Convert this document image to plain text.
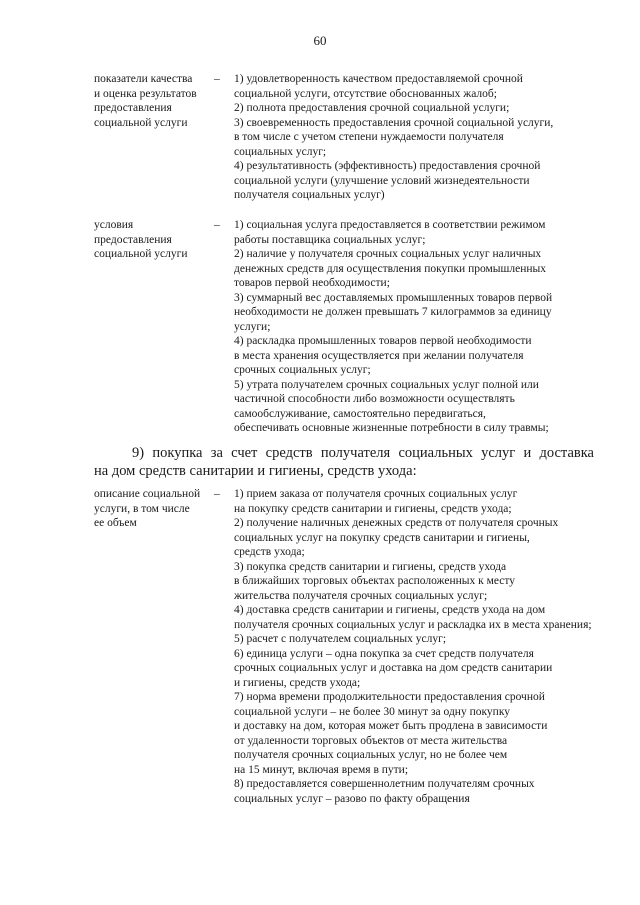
60
показатели качества
и оценка результатов
предоставления
социальной услуги
– 1) удовлетворенность качеством предоставляемой срочной
социальной услуги, отсутствие обоснованных жалоб;
2) полнота предоставления срочной социальной услуги;
3) своевременность предоставления срочной социальной услуги,
в том числе с учетом степени нуждаемости получателя
социальных услуг;
4) результативность (эффективность) предоставления срочной
социальной услуги (улучшение условий жизнедеятельности
получателя социальных услуг)
условия
предоставления
социальной услуги
– 1) социальная услуга предоставляется в соответствии режимом
работы поставщика социальных услуг;
2) наличие у получателя срочных социальных услуг наличных
денежных средств для осуществления покупки промышленных
товаров первой необходимости;
3) суммарный вес доставляемых промышленных товаров первой
необходимости не должен превышать 7 килограммов за единицу
услуги;
4) раскладка промышленных товаров первой необходимости
в места хранения осуществляется при желании получателя
срочных социальных услуг;
5) утрата получателем срочных социальных услуг полной или
частичной способности либо возможности осуществлять
самообслуживание, самостоятельно передвигаться,
обеспечивать основные жизненные потребности в силу травмы;
9) покупка за счет средств получателя социальных услуг и доставка
на дом средств санитарии и гигиены, средств ухода:
описание социальной
услуги, в том числе
ее объем
– 1) прием заказа от получателя срочных социальных услуг
на покупку средств санитарии и гигиены, средств ухода;
2) получение наличных денежных средств от получателя срочных
социальных услуг на покупку средств санитарии и гигиены,
средств ухода;
3) покупка средств санитарии и гигиены, средств ухода
в ближайших торговых объектах расположенных к месту
жительства получателя срочных социальных услуг;
4) доставка средств санитарии и гигиены, средств ухода на дом
получателя срочных социальных услуг и раскладка их в места хранения;
5) расчет с получателем социальных услуг;
6) единица услуги – одна покупка за счет средств получателя
срочных социальных услуг и доставка на дом средств санитарии
и гигиены, средств ухода;
7) норма времени продолжительности предоставления срочной
социальной услуги – не более 30 минут за одну покупку
и доставку на дом, которая может быть продлена в зависимости
от удаленности торговых объектов от места жительства
получателя срочных социальных услуг, но не более чем
на 15 минут, включая время в пути;
8) предоставляется совершеннолетним получателям срочных
социальных услуг – разово по факту обращения
